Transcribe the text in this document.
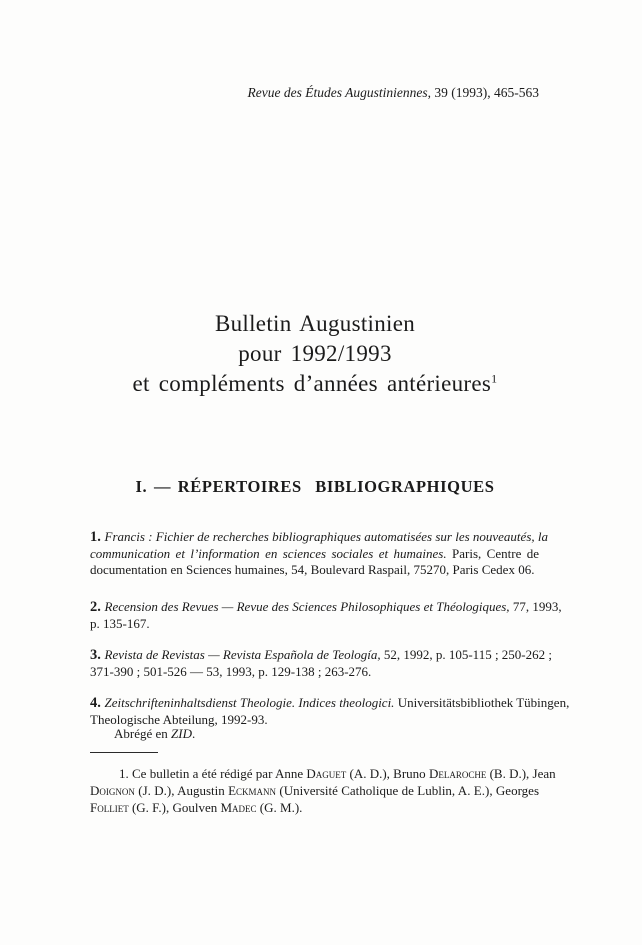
Revue des Études Augustiniennes, 39 (1993), 465-563
Bulletin Augustinien
pour 1992/1993
et compléments d’années antérieures$^1$
I. — RÉPERTOIRES  BIBLIOGRAPHIQUES
1. Francis : Fichier de recherches bibliographiques automatisées sur les nouveautés, la
communication et l’information en sciences sociales et humaines. Paris, Centre de
documentation en Sciences humaines, 54, Boulevard Raspail, 75270, Paris Cedex 06.
2. Recension des Revues — Revue des Sciences Philosophiques et Théologiques, 77, 1993,
p. 135-167.
3. Revista de Revistas — Revista Española de Teología, 52, 1992, p. 105-115 ; 250-262 ;
371-390 ; 501-526 — 53, 1993, p. 129-138 ; 263-276.
4. Zeitschrifteninhaltsdienst Theologie. Indices theologici. Universitätsbibliothek Tübingen,
Theologische Abteilung, 1992-93.
Abrégé en ZID.
1. Ce bulletin a été rédigé par Anne Daguet (A. D.), Bruno Delaroche (B. D.), Jean
Doignon (J. D.), Augustin Eckmann (Université Catholique de Lublin, A. E.), Georges
Folliet (G. F.), Goulven Madec (G. M.).
